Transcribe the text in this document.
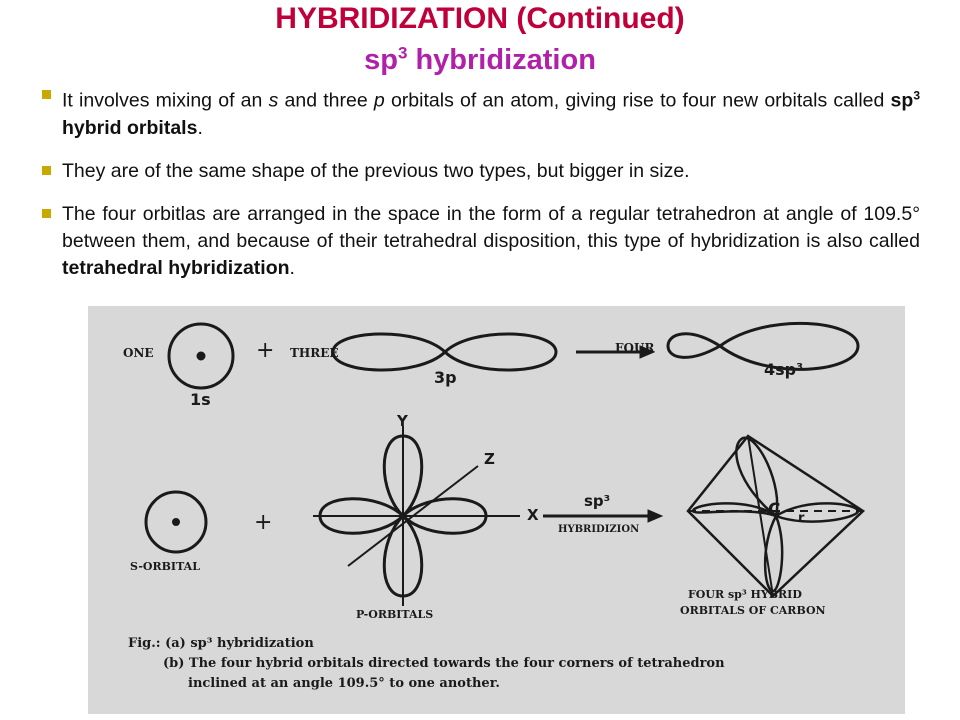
HYBRIDIZATION (Continued)
$sp^3$ hybridization
It involves mixing of an s and three p orbitals of an atom, giving rise to four new orbitals called $sp^3$ hybrid orbitals.
They are of the same shape of the previous two types, but bigger in size.
The four orbitlas are arranged in the space in the form of a regular tetrahedron at angle of 109.5° between them, and because of their tetrahedral disposition, this type of hybridization is also called tetrahedral hybridization.
ONE	+ THREE	FOUR
1s
3p	4sp³
Y
Z
X
+
sp³
HYBRIDIZION
S-ORBITAL
P-ORBITALS
C r
FOUR sp³ HYBRID
ORBITALS OF CARBON
Fig.: (a) sp³ hybridization
(b) The four hybrid orbitals directed towards the four corners of tetrahedron
inclined at an angle 109.5° to one another.
